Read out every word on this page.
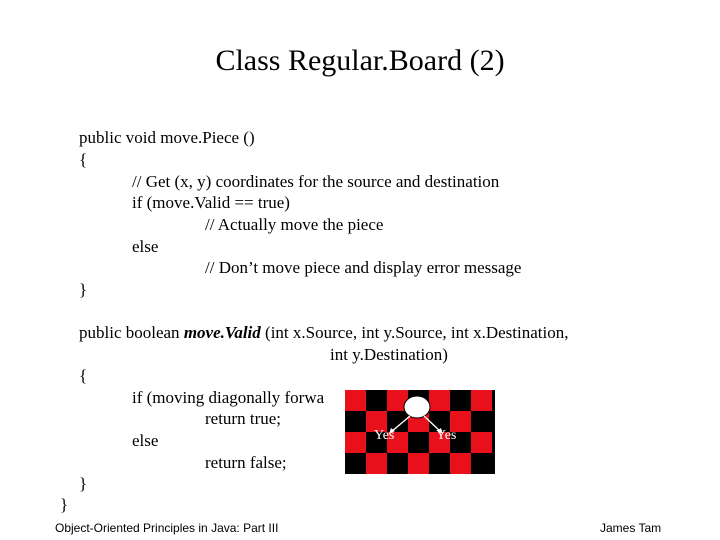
Class Regular.Board (2)
public void move.Piece ()
{
// Get (x, y) coordinates for the source and destination
if (move.Valid == true)
// Actually move the piece
else
// Don’t move piece and display error message
}
public boolean move.Valid (int x.Source, int y.Source, int x.Destination,
int y.Destination)
{
if (moving diagonally forwa
return true;
else
return false;
}
}
Yes	Yes
Object-Oriented Principles in Java: Part III	James Tam
